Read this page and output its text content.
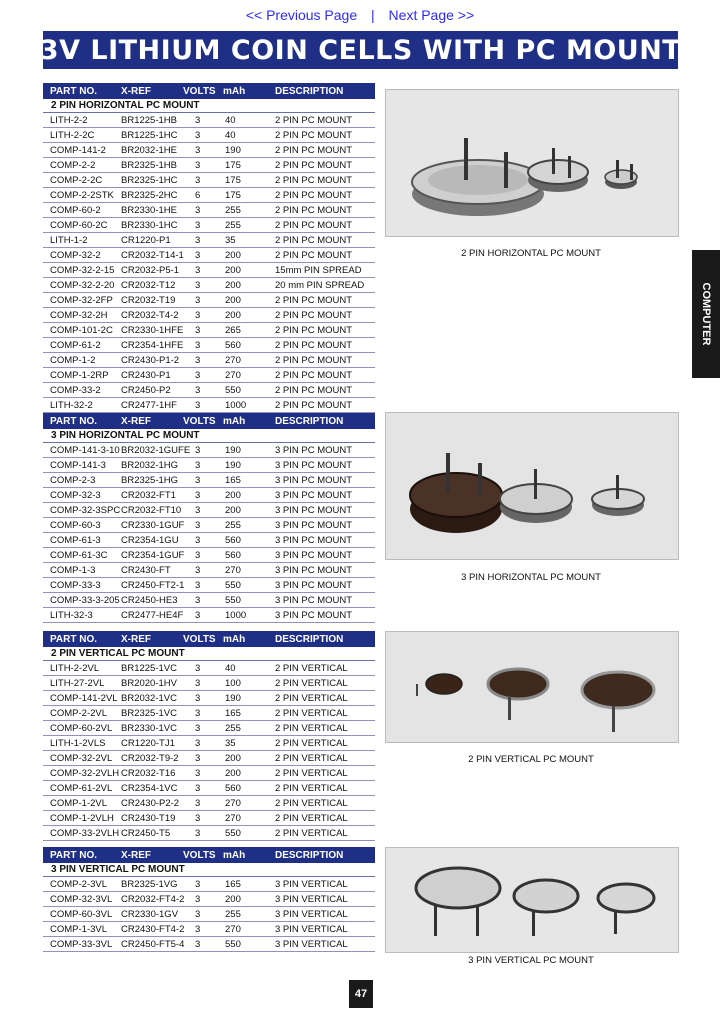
<< Previous Page | Next Page >>
3V LITHIUM COIN CELLS WITH PC MOUNT
PART NO. X-REF	VOLTS mAh	DESCRIPTION
2 PIN HORIZONTAL PC MOUNT
LITH-2-2	BR1225-1HB 3	40	2 PIN PC MOUNT
LITH-2-2C	BR1225-1HC 3	40	2 PIN PC MOUNT
COMP-141-2 BR2032-1HE 3	190	2 PIN PC MOUNT
COMP-2-2	BR2325-1HB 3	175	2 PIN PC MOUNT
COMP-2-2C BR2325-1HC 3	175	2 PIN PC MOUNT
COMP-2-2STK BR2325-2HC 6	175	2 PIN PC MOUNT
COMP-60-2 BR2330-1HE 3	255	2 PIN PC MOUNT
COMP-60-2C BR2330-1HC 3	255	2 PIN PC MOUNT
LITH-1-2	CR1220-P1	3	35	2 PIN PC MOUNT
COMP-32-2 CR2032-T14-1 3	200	2 PIN PC MOUNT
COMP-32-2-15 CR2032-P5-1 3	200	15mm PIN SPREAD
COMP-32-2-20 CR2032-T12 3	200	20 mm PIN SPREAD
COMP-32-2FP CR2032-T19 3	200	2 PIN PC MOUNT
COMP-32-2H CR2032-T4-2 3	200	2 PIN PC MOUNT
COMP-101-2C CR2330-1HFE 3	265	2 PIN PC MOUNT
COMP-61-2 CR2354-1HFE 3	560	2 PIN PC MOUNT
COMP-1-2	CR2430-P1-2 3	270	2 PIN PC MOUNT
COMP-1-2RP CR2430-P1	3	270	2 PIN PC MOUNT
COMP-33-2 CR2450-P2	3	550	2 PIN PC MOUNT
LITH-32-2	CR2477-1HF 3	1000	2 PIN PC MOUNT
PART NO. X-REF	VOLTS mAh	DESCRIPTION
3 PIN HORIZONTAL PC MOUNT
COMP-141-3-10 BR2032-1GUFE 3	190	3 PIN PC MOUNT
COMP-141-3 BR2032-1HG 3	190	3 PIN PC MOUNT
COMP-2-3	BR2325-1HG 3	165	3 PIN PC MOUNT
COMP-32-3 CR2032-FT1 3	200	3 PIN PC MOUNT
COMP-32-3SPC CR2032-FT10 3	200	3 PIN PC MOUNT
COMP-60-3 CR2330-1GUF 3	255	3 PIN PC MOUNT
COMP-61-3 CR2354-1GU 3	560	3 PIN PC MOUNT
COMP-61-3C CR2354-1GUF 3	560	3 PIN PC MOUNT
COMP-1-3	CR2430-FT	3	270	3 PIN PC MOUNT
COMP-33-3 CR2450-FT2-1 3	550	3 PIN PC MOUNT
COMP-33-3-205 CR2450-HE3 3	550	3 PIN PC MOUNT
LITH-32-3	CR2477-HE4F 3	1000	3 PIN PC MOUNT
PART NO. X-REF	VOLTS mAh	DESCRIPTION
2 PIN VERTICAL PC MOUNT
LITH-2-2VL BR1225-1VC 3	40	2 PIN VERTICAL
LITH-27-2VL BR2020-1HV 3	100	2 PIN VERTICAL
COMP-141-2VL BR2032-1VC 3	190	2 PIN VERTICAL
COMP-2-2VL BR2325-1VC 3	165	2 PIN VERTICAL
COMP-60-2VL BR2330-1VC 3	255	2 PIN VERTICAL
LITH-1-2VLS CR1220-TJ1 3	35	2 PIN VERTICAL
COMP-32-2VL CR2032-T9-2 3	200	2 PIN VERTICAL
COMP-32-2VLH CR2032-T16 3	200	2 PIN VERTICAL
COMP-61-2VL CR2354-1VC 3	560	2 PIN VERTICAL
COMP-1-2VL CR2430-P2-2 3	270	2 PIN VERTICAL
COMP-1-2VLH CR2430-T19 3	270	2 PIN VERTICAL
COMP-33-2VLH CR2450-T5	3	550	2 PIN VERTICAL
PART NO. X-REF	VOLTS mAh	DESCRIPTION
3 PIN VERTICAL PC MOUNT
COMP-2-3VL BR2325-1VG 3	165	3 PIN VERTICAL
COMP-32-3VL CR2032-FT4-2 3	200	3 PIN VERTICAL
COMP-60-3VL CR2330-1GV 3	255	3 PIN VERTICAL
COMP-1-3VL CR2430-FT4-2 3	270	3 PIN VERTICAL
COMP-33-3VL CR2450-FT5-4 3	550	3 PIN VERTICAL
2 PIN HORIZONTAL PC MOUNT
3 PIN HORIZONTAL PC MOUNT
2 PIN VERTICAL PC MOUNT
3 PIN VERTICAL PC MOUNT
COMPUTER
47
